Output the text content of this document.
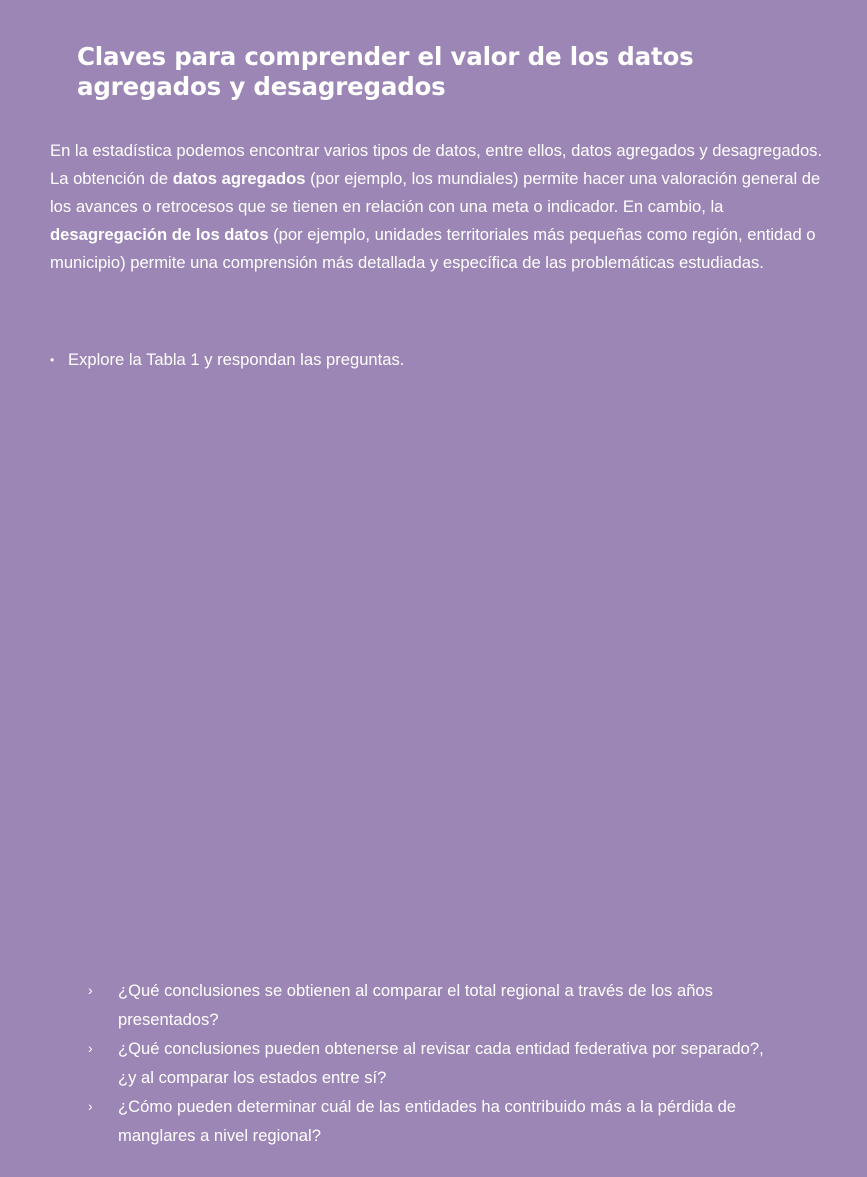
Claves para comprender el valor de los datos agregados y desagregados

En la estadística podemos encontrar varios tipos de datos, entre ellos, datos agregados y desagregados. La obtención de datos agregados (por ejemplo, los mundiales) permite hacer una valoración general de los avances o retrocesos que se tienen en relación con una meta o indicador. En cambio, la desagregación de los datos (por ejemplo, unidades territoriales más pequeñas como región, entidad o municipio) permite una comprensión más detallada y específica de las problemáticas estudiadas.

• Explore la Tabla 1 y respondan las preguntas.
›	¿Qué conclusiones se obtienen al comparar el total regional a través de los años presentados?
›	¿Qué conclusiones pueden obtenerse al revisar cada entidad federativa por separado?, ¿y al comparar los estados entre sí?
›	¿Cómo pueden determinar cuál de las entidades ha contribuido más a la pérdida de manglares a nivel regional?
